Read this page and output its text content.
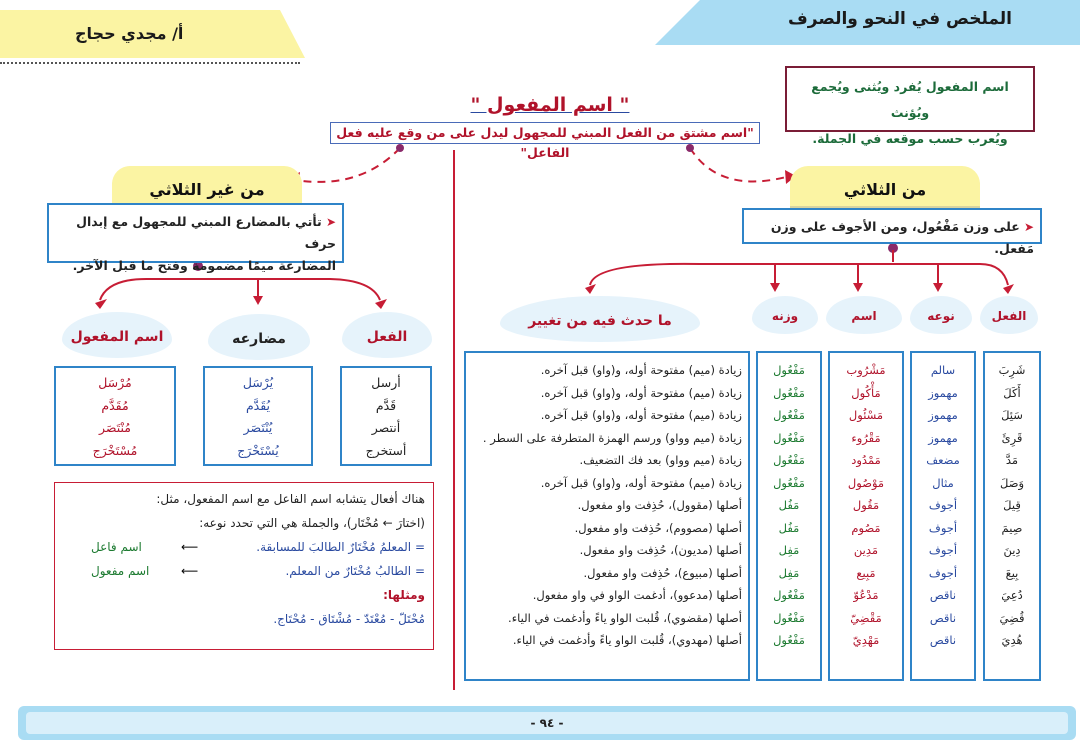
الملخص في النحو والصرف
أ/ مجدي حجاج
اسم المفعول يُفرد ويُثنى ويُجمع ويُؤنث
ويُعرب حسب موقعه في الجملة.
" اسم المفعول "
"اسم مشتق من الفعل المبني للمجهول ليدل على من وقع عليه فعل الفاعل"
من الثلاثي
➤ على وزن مَفْعُول، ومن الأجوف على وزن مَفعل.
من غير الثلاثي
➤ تأتي بالمضارع المبني للمجهول مع إبدال حرف
المضارعة ميمًا مضمومة وفتح ما قبل الآخر.
الفعل
نوعه
اسم
وزنه
ما حدث فيه من تغيير
شَرِبَ
أَكَلَ
سَئِلَ
قَرِئَ
مَدَّ
وَصَلَ
قِيلَ
صِيمَ
دِينَ
بِيعَ
دُعِيَ
قُضِيَ
هُدِيَ
سالم
مهموز
مهموز
مهموز
مضعف
مثال
أجوف
أجوف
أجوف
أجوف
ناقص
ناقص
ناقص
مَشْرُوب
مَأْكُول
مَسْئُول
مَقْرُوء
مَمْدُود
مَوْصُول
مَقُول
مَصُوم
مَدِين
مَبِيع
مَدْعُوّ
مَقْضِيّ
مَهْدِيّ
مَفْعُول
مَفْعُول
مَفْعُول
مَفْعُول
مَفْعُول
مَفْعُول
مَفُل
مَفُل
مَفِل
مَفِل
مَفْعُول
مَفْعُول
مَفْعُول
زيادة (ميم) مفتوحة أوله، و(واو) قبل آخره.
زيادة (ميم) مفتوحة أوله، و(واو) قبل آخره.
زيادة (ميم) مفتوحة أوله، و(واو) قبل آخره.
زيادة (ميم وواو) ورسم الهمزة المتطرفة على السطر .
زيادة (ميم وواو) بعد فك التضعيف.
زيادة (ميم) مفتوحة أوله، و(واو) قبل آخره.
أصلها (مقوول)، حُذِفت واو مفعول.
أصلها (مصووم)، حُذِفت واو مفعول.
أصلها (مديون)، حُذِفت واو مفعول.
أصلها (مبيوع)، حُذِفت واو مفعول.
أصلها (مدعوو)، أدغمت الواو في واو مفعول.
أصلها (مقضوي)، قُلبت الواو ياءً وأدغمت في الياء.
أصلها (مهدوي)، قُلبت الواو ياءً وأدغمت في الياء.
الفعل
مضارعه
اسم المفعول
أرسل
قَدَّم
أنتصر
أستخرج
يُرْسَل
يُقَدَّم
يُنْتَصَر
يُسْتَخْرَج
مُرْسَل
مُقَدَّم
مُنْتَصَر
مُسْتَخْرَج
هناك أفعال يتشابه اسم الفاعل مع اسم المفعول، مثل:
(اختارَ ← مُخْتَار)، والجملة هي التي تحدد نوعه:
= المعلمُ مُخْتَارٌ الطالبَ للمسابقة.
⟵
اسم فاعل
= الطالبُ مُخْتَارٌ من المعلم.
⟵
اسم مفعول
ومثلها:
مُحْتَلّ - مُعْتَدّ - مُشْتَاق - مُحْتَاج.
- ٩٤ -
